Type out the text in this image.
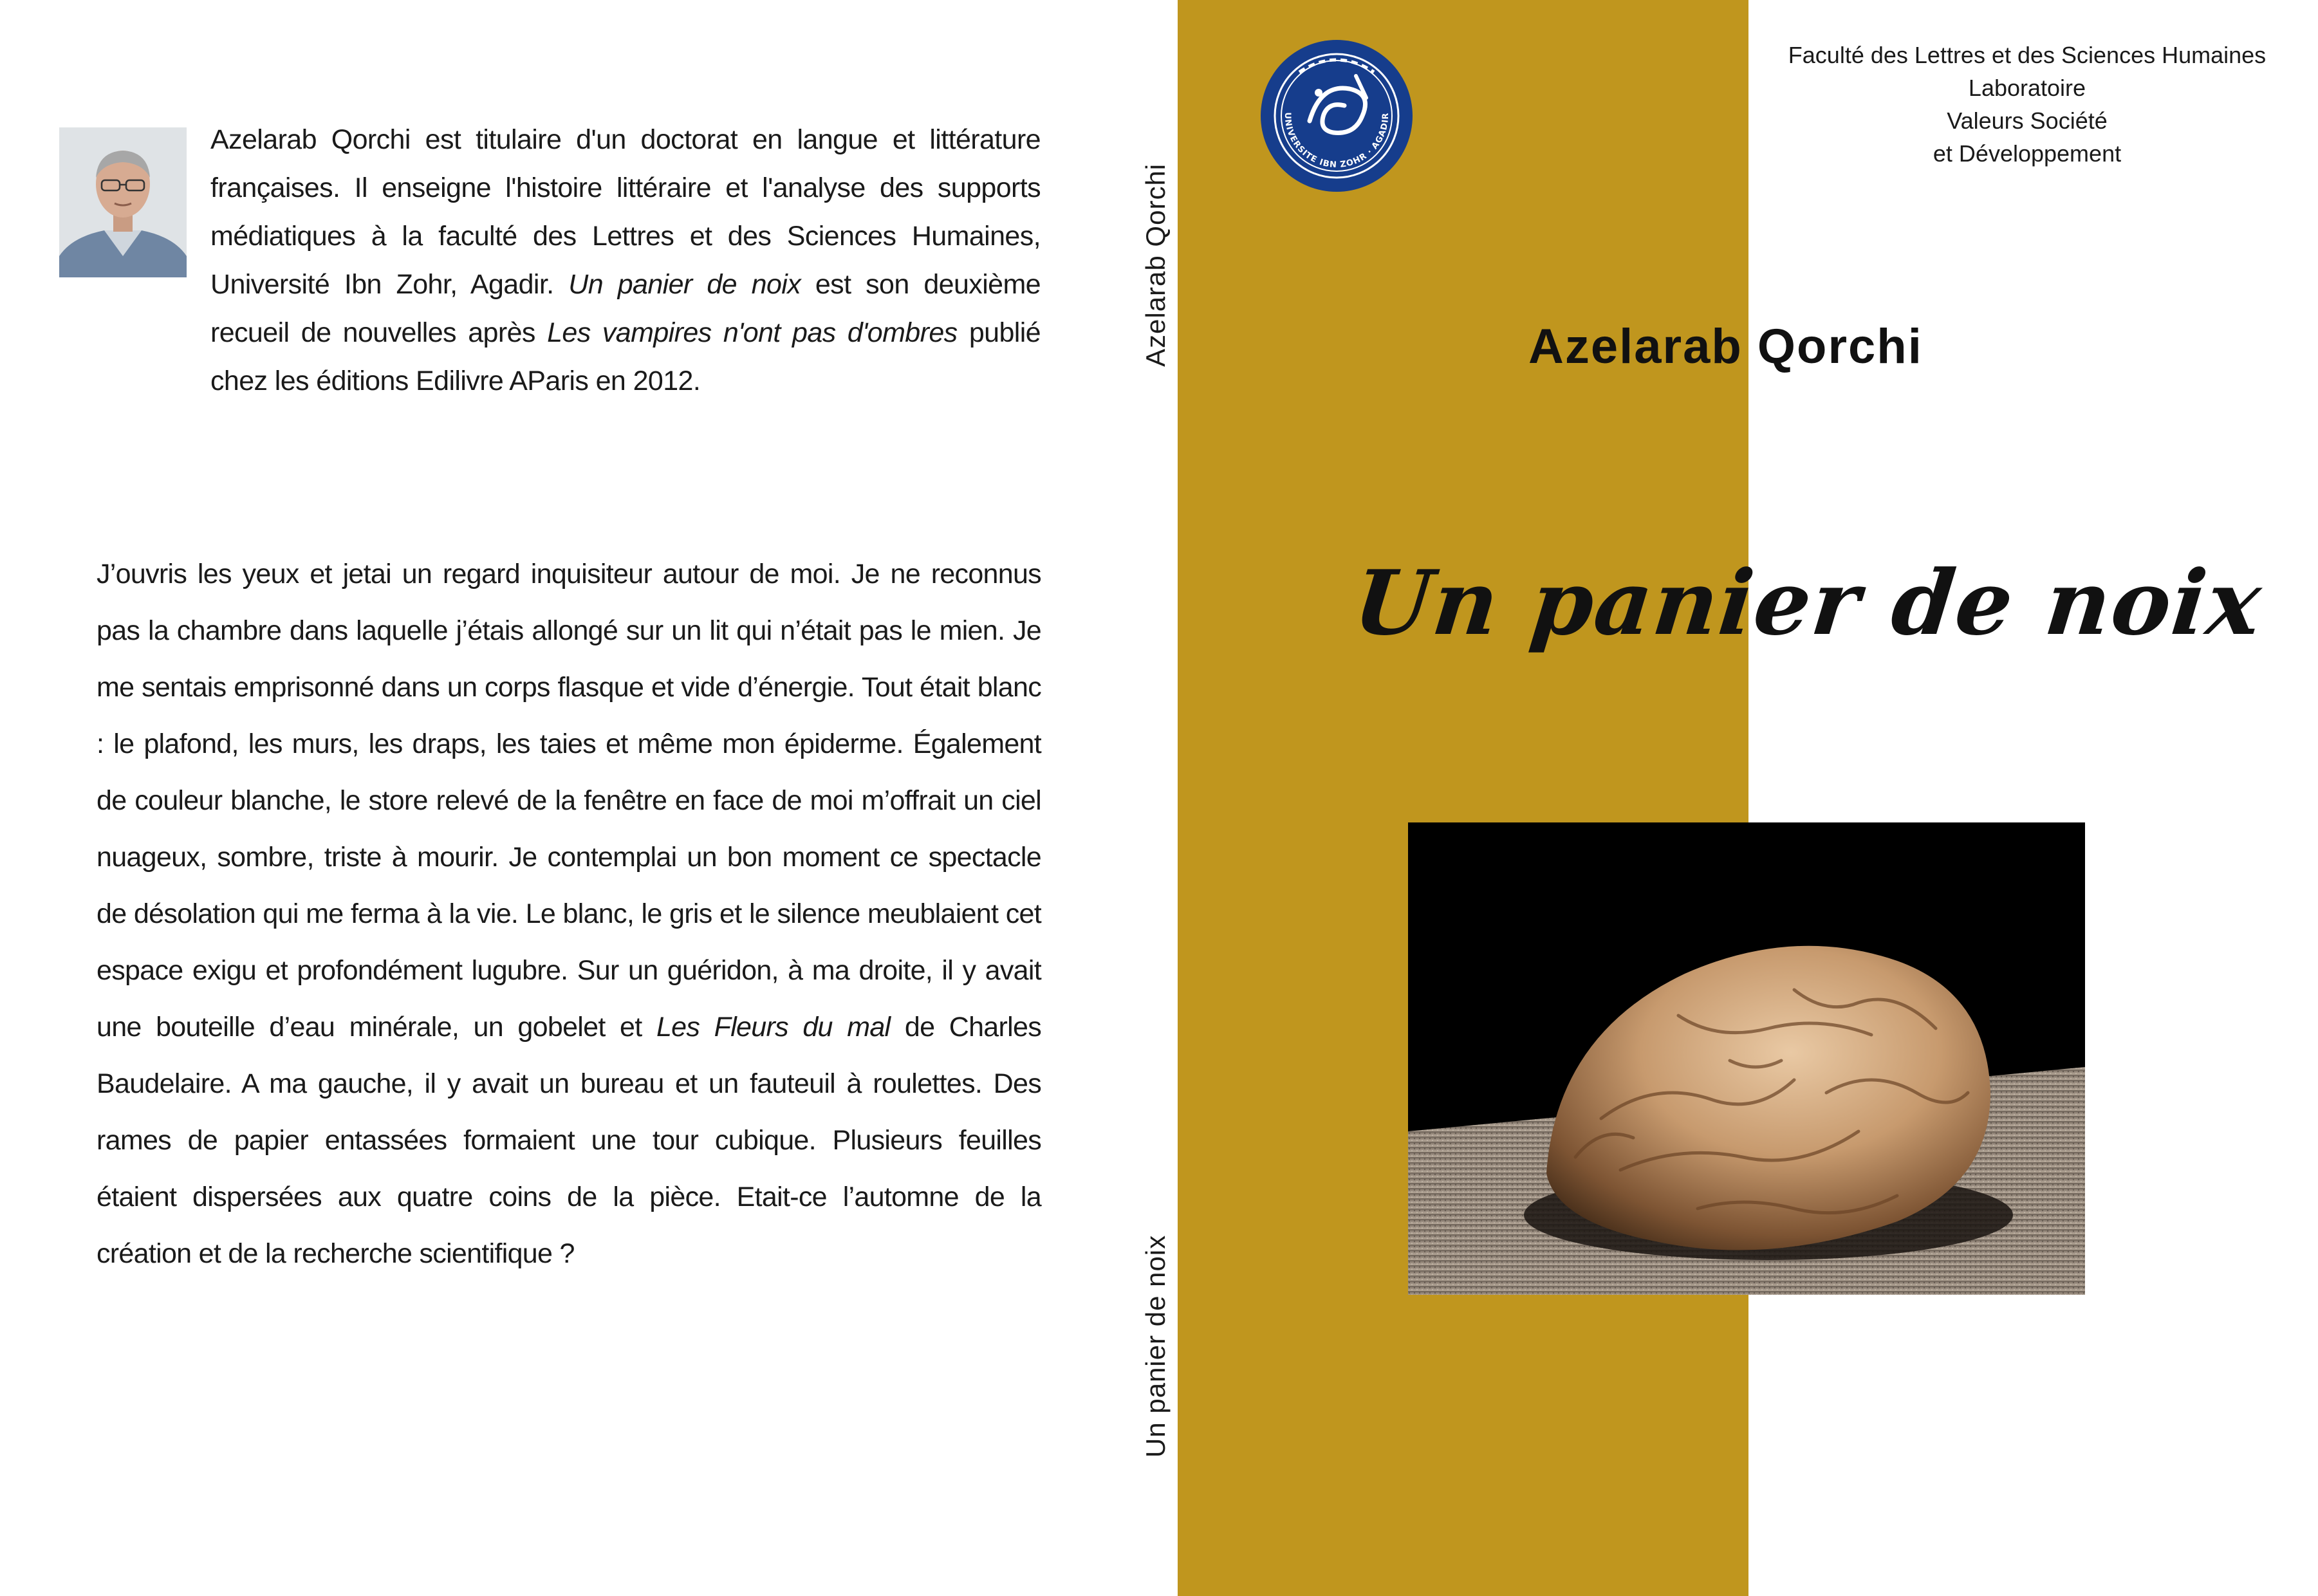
Azelarab Qorchi est titulaire d'un doctorat en langue et littérature françaises. Il enseigne l'histoire littéraire et l'analyse des supports médiatiques à la faculté des Lettres et des Sciences Humaines, Université Ibn Zohr, Agadir. Un panier de noix est son deuxième recueil de nouvelles après Les vampires n'ont pas d'ombres publié chez les éditions Edilivre AParis en 2012.
J’ouvris les yeux et jetai un regard inquisiteur autour de moi. Je ne reconnus pas la chambre dans laquelle j’étais allongé sur un lit qui n’était pas le mien. Je me sentais emprisonné dans un corps flasque et vide d’énergie. Tout était blanc : le plafond, les murs, les draps, les taies et même mon épiderme. Également de couleur blanche, le store relevé de la fenêtre en face de moi m’offrait un ciel nuageux, sombre, triste à mourir. Je contemplai un bon moment ce spectacle de désolation qui me ferma à la vie. Le blanc, le gris et le silence meublaient cet espace exigu et profondément lugubre. Sur un guéridon, à ma droite, il y avait une bouteille d’eau minérale, un gobelet et Les Fleurs du mal de Charles Baudelaire. A ma gauche, il y avait un bureau et un fauteuil à roulettes. Des rames de papier entassées formaient une tour cubique. Plusieurs feuilles étaient dispersées aux quatre coins de la pièce. Etait-ce l’automne de la création et de la recherche scientifique ?
Azelarab Qorchi
Un panier de noix
UNIVERSITE IBN ZOHR · AGADIR
Faculté des Lettres et des Sciences Humaines
Laboratoire
Valeurs Société
et Développement
Azelarab Qorchi
Un panier de noix
